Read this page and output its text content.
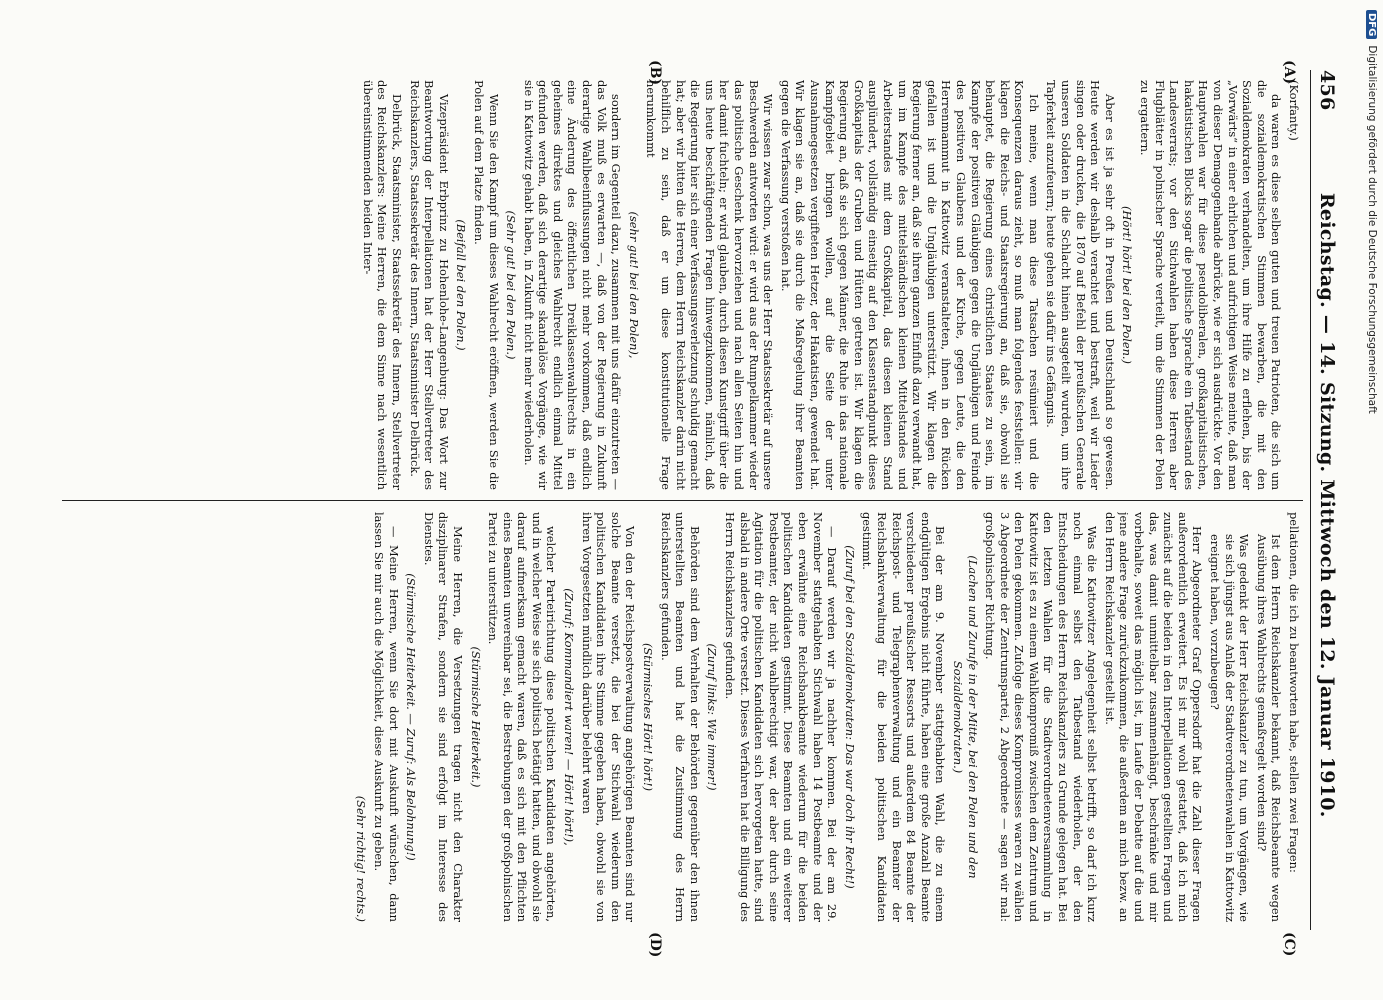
DFG
Digitalisierung gefördert durch die Deutsche Forschungsgemeinschaft
456
Reichstag. — 14. Sitzung. Mittwoch den 12. Januar 1910.
(A)
(B)
(C)
(D)

(Korfanty.)

da waren es diese selben guten und treuen Patrioten, die sich um die sozialdemokratischen Stimmen bewarben, die mit den Sozialdemokraten verhandelten, um ihre Hilfe zu erflehen, bis der „Vorwärts“ in einer ehrlichen und aufrichtigen Weise meinte, daß man von dieser Demagogenbande abrücke, wie er sich ausdrückte. Vor den Hauptwahlen war für diese pseudoliberalen, großkapitalistischen, hakatistischen Blocks sogar die politische Sprache ein Tatbestand des Landesverrats; vor den Stichwahlen haben diese Herren aber Flugblätter in polnischer Sprache verteilt, um die Stimmen der Polen zu ergattern.

(Hört! hört! bei den Polen.)

Aber es ist ja sehr oft in Preußen und Deutschland so gewesen. Heute werden wir deshalb verachtet und bestraft, weil wir Lieder singen oder drucken, die 1870 auf Befehl der preußischen Generale unseren Soldaten in die Schlacht hinein ausgeteilt wurden, um ihre Tapferkeit anzufeuern; heute gehen sie dafür ins Gefängnis.

Ich meine, wenn man diese Tatsachen resümiert und die Konsequenzen daraus zieht, so muß man folgendes feststellen: wir klagen die Reichs- und Staatsregierung an, daß sie, obwohl sie behauptet, die Regierung eines christlichen Staates zu sein, im Kampfe der positiven Gläubigen gegen die Ungläubigen und Feinde des positiven Glaubens und der Kirche, gegen Leute, die den Herrenmammut in Kattowitz veranstalteten, ihnen in den Rücken gefallen ist und die Ungläubigen unterstützt. Wir klagen die Regierung ferner an, daß sie ihren ganzen Einfluß dazu verwandt hat, um im Kampfe des mittelständischen kleinen Mittelstandes und Arbeiterstandes mit dem Großkapital, das diesen kleinen Stand ausplündert, vollständig einseitig auf den Klassenstandpunkt dieses Großkapitals der Gruben und Hütten getreten ist. Wir klagen die Regierung an, daß sie sich gegen Männer, die Ruhe in das nationale Kampfgebiet bringen wollen, auf die Seite der unter Ausnahmegesetzen vergifteten Hetzer, der Hakatisten, gewendet hat. Wir klagen sie an, daß sie durch die Maßregelung ihrer Beamten gegen die Verfassung verstoßen hat.

Wir wissen zwar schon, was uns der Herr Staatssekretär auf unsere Beschwerden antworten wird: er wird aus der Rumpelkammer wieder das politische Geschenk hervorziehen und nach allen Seiten hin und her damit fuchteln; er wird glauben, durch diesen Kunstgriff über die uns heute beschäftigenden Fragen hinwegzukommen, nämlich, daß die Regierung hier sich einer Verfassungsverletzung schuldig gemacht hat; aber wir bitten die Herren, dem Herrn Reichskanzler darin nicht behilflich zu sein, daß er um diese konstitutionelle Frage herumkommt

(sehr gut! bei den Polen),

sondern im Gegenteil dazu, zusammen mit uns dafür einzutreten — das Volk muß es erwarten —, daß von der Regierung in Zukunft derartige Wahlbeeinflussungen nicht mehr vorkommen, daß endlich eine Änderung des öffentlichen Dreiklassenwahlrechts in ein geheimes direktes und gleiches Wahlrecht endlich einmal Mittel gefunden werden, daß sich derartige skandalöse Vorgänge, wie wir sie in Kattowitz gehabt haben, in Zukunft nicht mehr wiederholen.

(Sehr gut! bei den Polen.)

Wenn Sie den Kampf um dieses Wahlrecht eröffnen, werden Sie die Polen auf dem Platze finden.

(Beifall bei den Polen.)

Vizepräsident Erbprinz zu Hohenlohe-Langenburg: Das Wort zur Beantwortung der Interpellationen hat der Herr Stellvertreter des Reichskanzlers, Staatssekretär des Innern, Staatsminister Delbrück.

Delbrück, Staatsminister, Staatssekretär des Innern, Stellvertreter des Reichskanzlers: Meine Herren, die dem Sinne nach wesentlich übereinstimmenden beiden Inter-

pellationen, die ich zu beantworten habe, stellen zwei Fragen:

Ist dem Herrn Reichskanzler bekannt, daß Reichsbeamte wegen Ausübung ihres Wahlrechts gemaßregelt worden sind?

Was gedenkt der Herr Reichskanzler zu tun, um Vorgängen, wie sie sich jüngst aus Anlaß der Stadtverordnetenwahlen in Kattowitz ereignet haben, vorzubeugen?

Herr Abgeordneter Graf Oppersdorff hat die Zahl dieser Fragen außerordentlich erweitert. Es ist mir wohl gestattet, daß ich mich zunächst auf die beiden in den Interpellationen gestellten Fragen und das, was damit unmittelbar zusammenhängt, beschränke und mir vorbehalte, soweit das möglich ist, im Laufe der Debatte auf die und jene andere Frage zurückzukommen, die außerdem an mich bezw. an den Herrn Reichskanzler gestellt ist.

Was die Kattowitzer Angelegenheit selbst betrifft, so darf ich kurz noch einmal selbst den Tatbestand wiederholen, der den Entscheidungen des Herrn Reichskanzlers zu Grunde gelegen hat. Bei den letzten Wahlen für die Stadtverordnetenversammlung in Kattowitz ist es zu einem Wahlkompromiß zwischen dem Zentrum und den Polen gekommen. Zufolge dieses Kompromisses waren zu wählen 3 Abgeordnete der Zentrumspartei, 2 Abgeordnete — sagen wir mal: großpolnischer Richtung.

(Lachen und Zurufe in der Mitte, bei den Polen und den Sozialdemokraten.)

Bei der am 9. November stattgehabten Wahl, die zu einem endgültigen Ergebnis nicht führte, haben eine große Anzahl Beamte verschiedener preußischer Ressorts und außerdem 84 Beamte der Reichspost- und Telegraphenverwaltung und ein Beamter der Reichsbankverwaltung für die beiden politischen Kandidaten gestimmt.

(Zuruf bei den Sozialdemokraten: Das war doch ihr Recht!)

— Darauf werden wir ja nachher kommen. Bei der am 29. November stattgehabten Stichwahl haben 14 Postbeamte und der eben erwähnte eine Reichsbankbeamte wiederum für die beiden politischen Kandidaten gestimmt. Diese Beamten und ein weiterer Postbeamter, der nicht wahlberechtigt war, der aber durch seine Agitation für die politischen Kandidaten sich hervorgetan hatte, sind alsbald in andere Orte versetzt. Dieses Verfahren hat die Billigung des Herrn Reichskanzlers gefunden.

(Zuruf links: Wie immer!)

Behörden sind dem Verhalten der Behörden gegenüber den ihnen unterstellten Beamten und hat die Zustimmung des Herrn Reichskanzlers gefunden.

(Stürmisches Hört! hört!)

Von den der Reichspostverwaltung angehörigen Beamten sind nur solche Beamte versetzt, die bei der Stichwahl wiederum den politischen Kandidaten ihre Stimme gegeben haben, obwohl sie von ihren Vorgesetzten mündlich darüber belehrt waren

(Zuruf: Kommandiert waren! — Hört! hört!),

welcher Parteirichtung diese politischen Kandidaten angehörten, und in welcher Weise sie sich politisch betätigt hatten, und obwohl sie darauf aufmerksam gemacht waren, daß es sich mit den Pflichten eines Beamten unvereinbar sei, die Bestrebungen der großpolnischen Partei zu unterstützen.

(Stürmische Heiterkeit.)

Meine Herren, die Versetzungen tragen nicht den Charakter disziplinarer Strafen, sondern sie sind erfolgt im Interesse des Dienstes.

(Stürmische Heiterkeit. — Zuruf: Als Belohnung!)

— Meine Herren, wenn Sie dort mit Auskunft wünschen, dann lassen Sie mir auch die Möglichkeit, diese Auskunft zu geben.

(Sehr richtig! rechts.)
